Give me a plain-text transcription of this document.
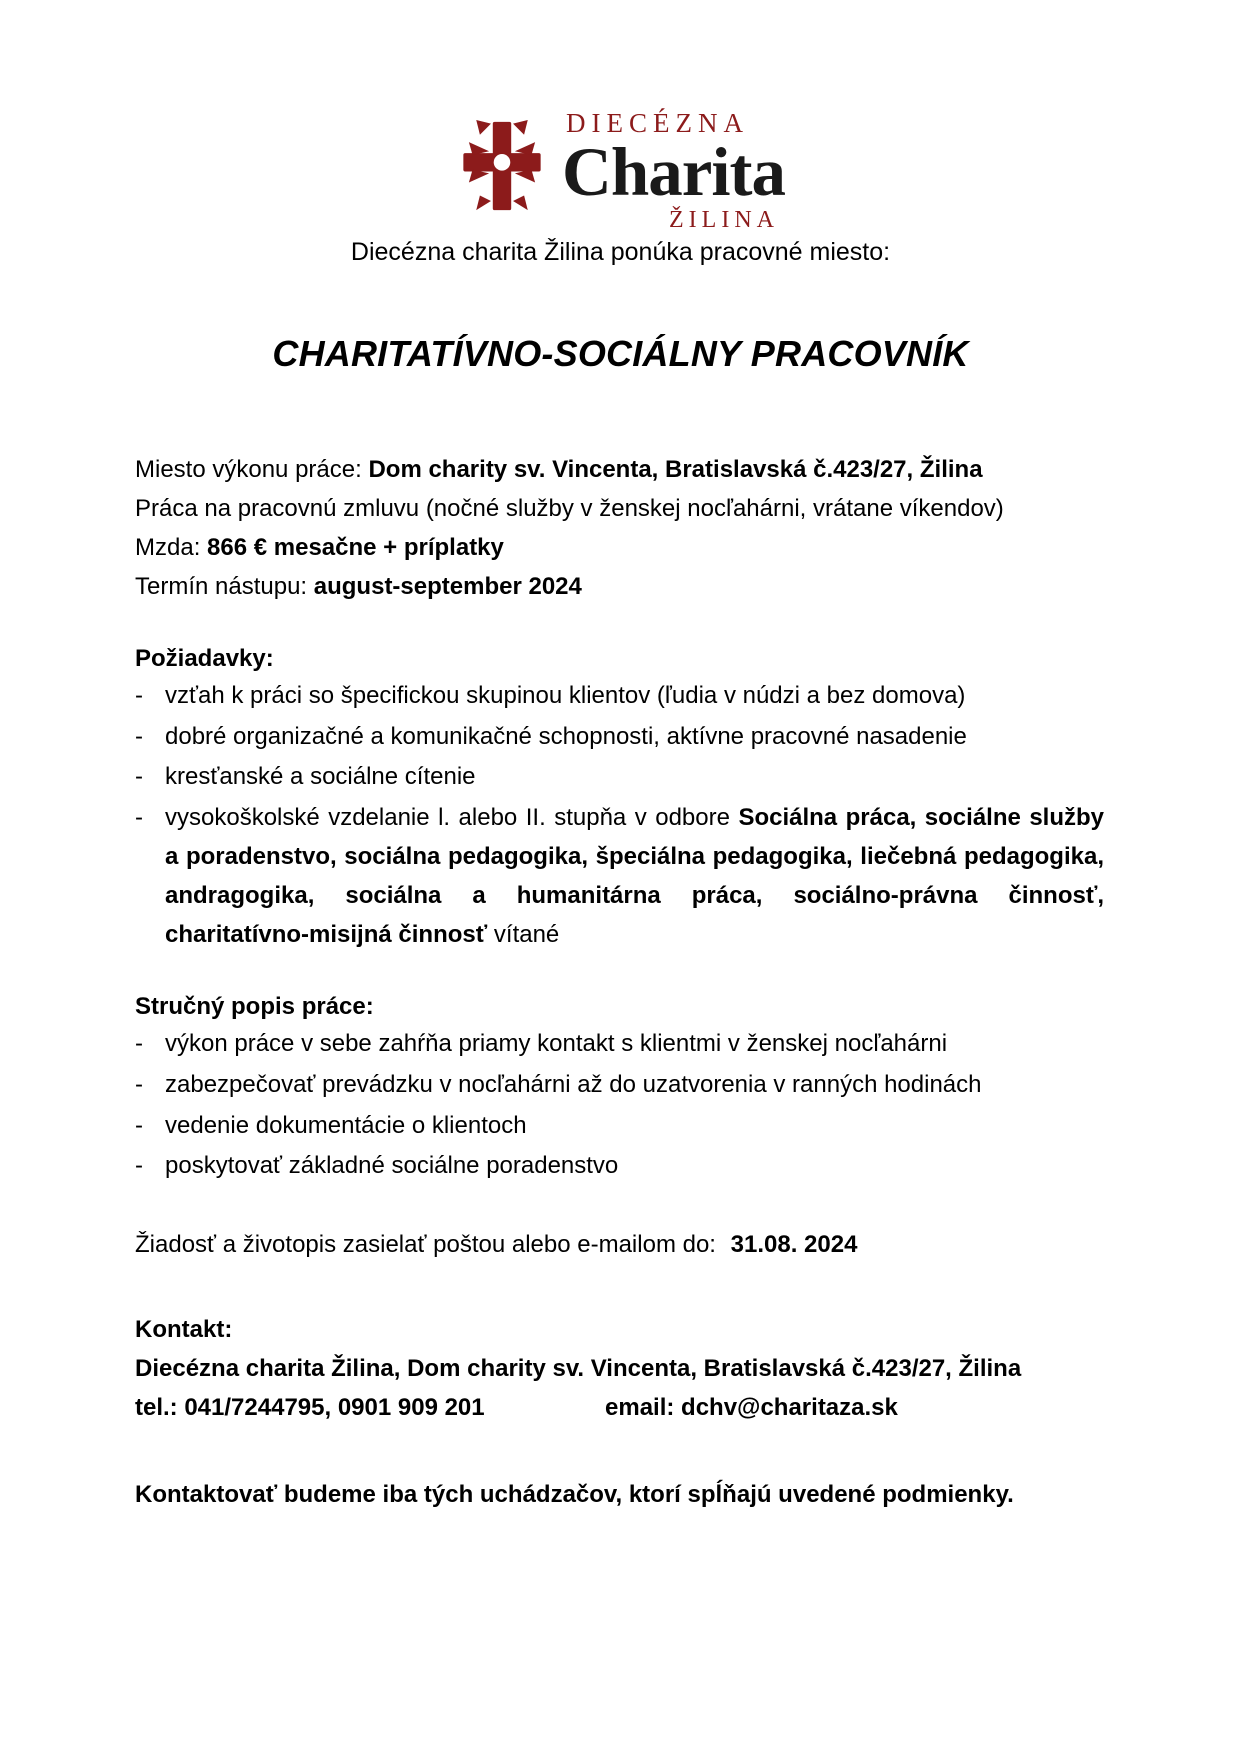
DIECÉZNA
Charita
ŽILINA

Diecézna charita Žilina ponúka pracovné miesto:

CHARITATÍVNO-SOCIÁLNY PRACOVNÍK

Miesto výkonu práce: Dom charity sv. Vincenta, Bratislavská č.423/27, Žilina

Práca na pracovnú zmluvu (nočné služby v ženskej nocľahárni, vrátane víkendov)

Mzda: 866 € mesačne + príplatky

Termín nástupu: august-september 2024

Požiadavky:
- vzťah k práci so špecifickou skupinou klientov (ľudia v núdzi a bez domova)
- dobré organizačné a komunikačné schopnosti, aktívne pracovné nasadenie
- kresťanské a sociálne cítenie
- vysokoškolské vzdelanie l. alebo II. stupňa v odbore Sociálna práca, sociálne služby a poradenstvo, sociálna pedagogika, špeciálna pedagogika, liečebná pedagogika, andragogika, sociálna a humanitárna práca, sociálno-právna činnosť, charitatívno-misijná činnosť vítané
Stručný popis práce:
- výkon práce v sebe zahŕňa priamy kontakt s klientmi v ženskej nocľahárni
- zabezpečovať prevádzku v nocľahárni až do uzatvorenia v ranných hodinách
- vedenie dokumentácie o klientoch
- poskytovať základné sociálne poradenstvo

Žiadosť a životopis zasielať poštou alebo e-mailom do: 31.08. 2024

Kontakt:

Diecézna charita Žilina, Dom charity sv. Vincenta, Bratislavská č.423/27, Žilina

tel.: 041/7244795, 0901 909 201	email: dchv@charitaza.sk

Kontaktovať budeme iba tých uchádzačov, ktorí spĺňajú uvedené podmienky.
